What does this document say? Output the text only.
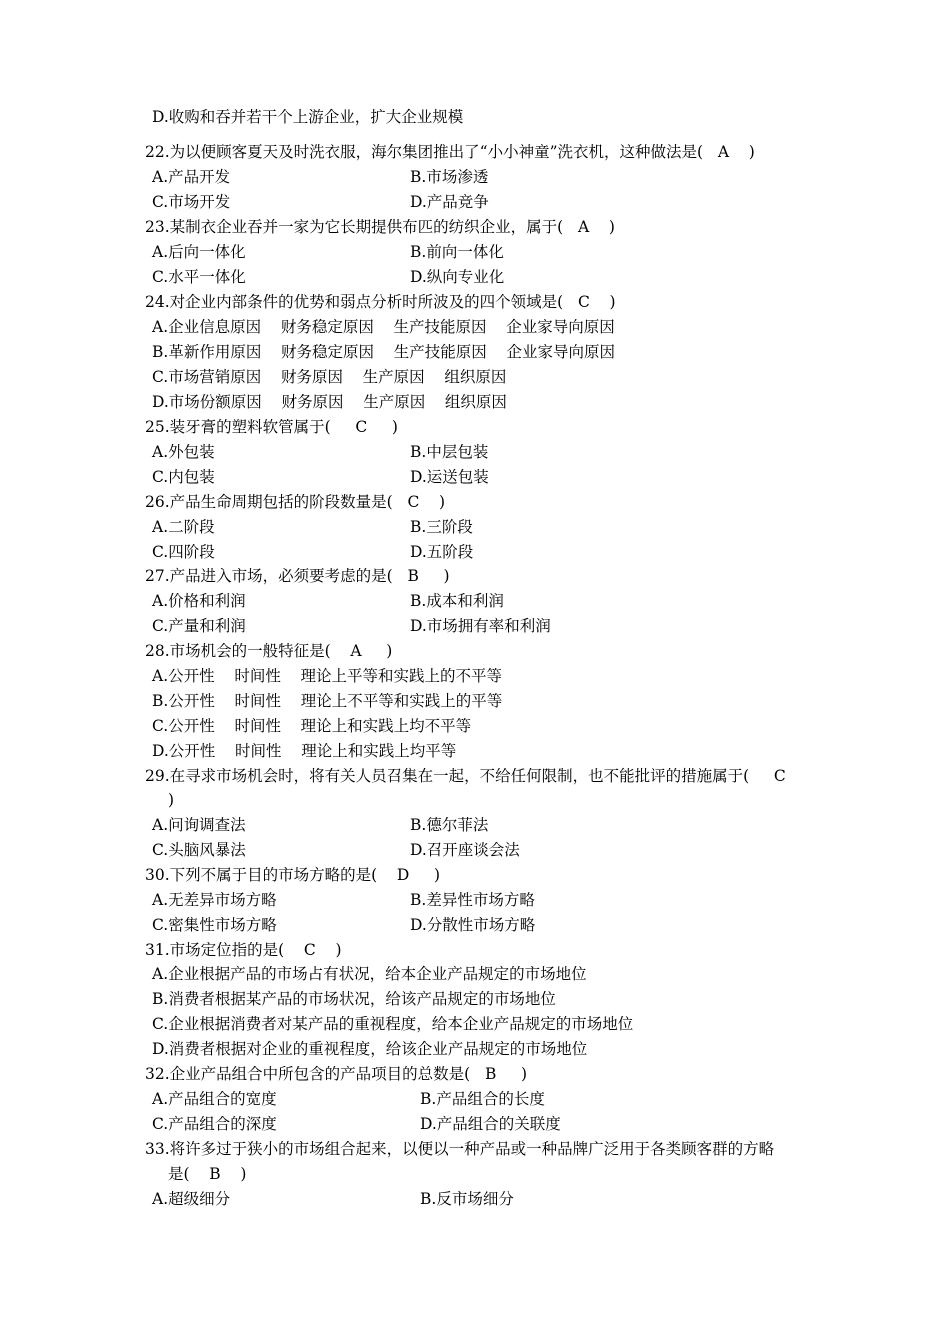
D.收购和吞并若干个上游企业，扩大企业规模
22.为以便顾客夏天及时洗衣服，海尔集团推出了“小小神童”洗衣机，这种做法是(   A    )
A.产品开发	B.市场渗透
C.市场开发	D.产品竞争
23.某制衣企业吞并一家为它长期提供布匹的纺织企业，属于(   A    )
A.后向一体化	B.前向一体化
C.水平一体化	D.纵向专业化
24.对企业内部条件的优势和弱点分析时所波及的四个领域是(   C    )
A.企业信息原因    财务稳定原因    生产技能原因    企业家导向原因
B.革新作用原因    财务稳定原因    生产技能原因    企业家导向原因
C.市场营销原因    财务原因    生产原因    组织原因
D.市场份额原因    财务原因    生产原因    组织原因
25.装牙膏的塑料软管属于(     C     )
A.外包装	B.中层包装
C.内包装	D.运送包装
26.产品生命周期包括的阶段数量是(   C    )
A.二阶段	B.三阶段
C.四阶段	D.五阶段
27.产品进入市场，必须要考虑的是(   B     )
A.价格和利润	B.成本和利润
C.产量和利润	D.市场拥有率和利润
28.市场机会的一般特征是(    A     )
A.公开性    时间性    理论上平等和实践上的不平等
B.公开性    时间性    理论上不平等和实践上的平等
C.公开性    时间性    理论上和实践上均不平等
D.公开性    时间性    理论上和实践上均平等
29.在寻求市场机会时，将有关人员召集在一起，不给任何限制，也不能批评的措施属于(     C
)
A.问询调查法	B.德尔菲法
C.头脑风暴法	D.召开座谈会法
30.下列不属于目的市场方略的是(    D     )
A.无差异市场方略	B.差异性市场方略
C.密集性市场方略	D.分散性市场方略
31.市场定位指的是(    C    )
A.企业根据产品的市场占有状况，给本企业产品规定的市场地位
B.消费者根据某产品的市场状况，给该产品规定的市场地位
C.企业根据消费者对某产品的重视程度，给本企业产品规定的市场地位
D.消费者根据对企业的重视程度，给该企业产品规定的市场地位
32.企业产品组合中所包含的产品项目的总数是(   B     )
A.产品组合的宽度	B.产品组合的长度
C.产品组合的深度	D.产品组合的关联度
33.将许多过于狭小的市场组合起来，以便以一种产品或一种品牌广泛用于各类顾客群的方略
是(    B    )
A.超级细分	B.反市场细分
